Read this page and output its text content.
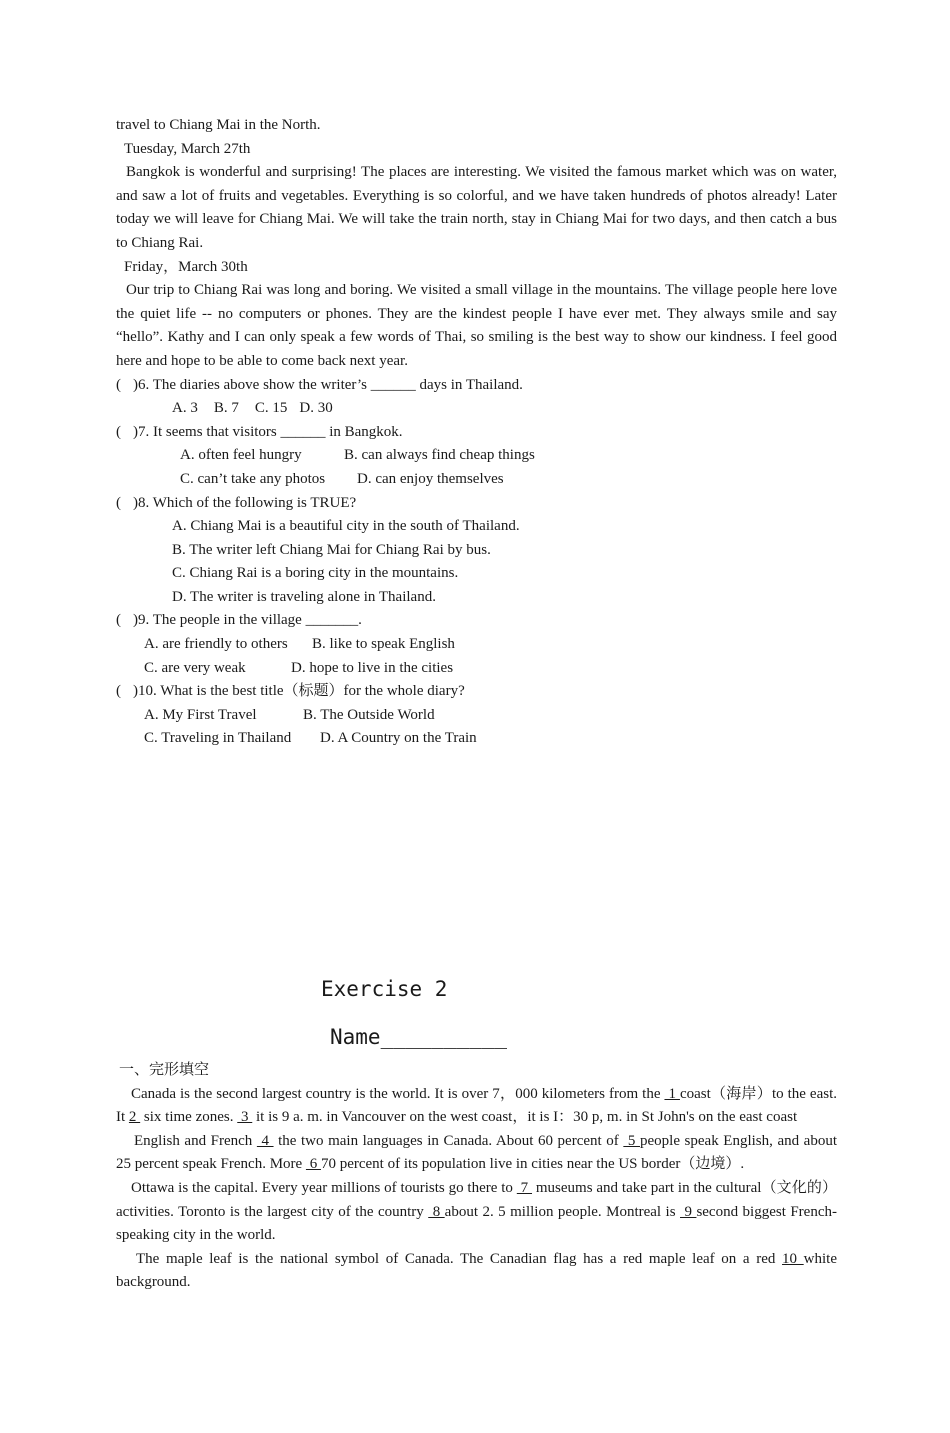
travel to Chiang Mai in the North.

Tuesday, March 27th

Bangkok is wonderful and surprising! The places are interesting. We visited the famous market which was on water, and saw a lot of fruits and vegetables. Everything is so colorful, and we have taken hundreds of photos already! Later today we will leave for Chiang Mai. We will take the train north, stay in Chiang Mai for two days, and then catch a bus to Chiang Rai.

Friday，March 30th

Our trip to Chiang Rai was long and boring. We visited a small village in the mountains. The village people here love the quiet life -- no computers or phones. They are the kindest people I have ever met. They always smile and say “hello”. Kathy and I can only speak a few words of Thai, so smiling is the best way to show our kindness. I feel good here and hope to be able to come back next year.

( )6. The diaries above show the writer’s ______ days in Thailand.
A. 3 B. 7 C. 15 D. 30
( )7. It seems that visitors ______ in Bangkok.
A. often feel hungry	B. can always find cheap things
C. can’t take any photos	D. can enjoy themselves
( )8. Which of the following is TRUE?

A. Chiang Mai is a beautiful city in the south of Thailand.

B. The writer left Chiang Mai for Chiang Rai by bus.

C. Chiang Rai is a boring city in the mountains.

D. The writer is traveling alone in Thailand.

( )9. The people in the village _______.
A. are friendly to others	B. like to speak English
C. are very weak	D. hope to live in the cities
( )10. What is the best title（标题）for the whole diary?
A. My First Travel	B. The Outside World
C. Traveling in Thailand	D. A Country on the Train
Exercise 2
Name__________

一、完形填空

Canada is the second largest country is the world. It is over 7，000 kilometers from the  1 coast（海岸）to the east. It 2  six time zones.  3  it is 9 a. m. in Vancouver on the west coast，it is I：30 p, m. in St John's on the east coast

English and French  4  the two main languages in Canada. About 60 percent of  5 people speak English, and about 25 percent speak French. More  6 70 percent of its population live in cities near the US border（边境）.

Ottawa is the capital. Every year millions of tourists go there to  7  museums and take part in the cultural（文化的）activities. Toronto is the largest city of the country  8 about 2. 5 million people. Montreal is  9 second biggest French-speaking city in the world.

The maple leaf is the national symbol of Canada. The Canadian flag has a red maple leaf on a red 10 white background.
